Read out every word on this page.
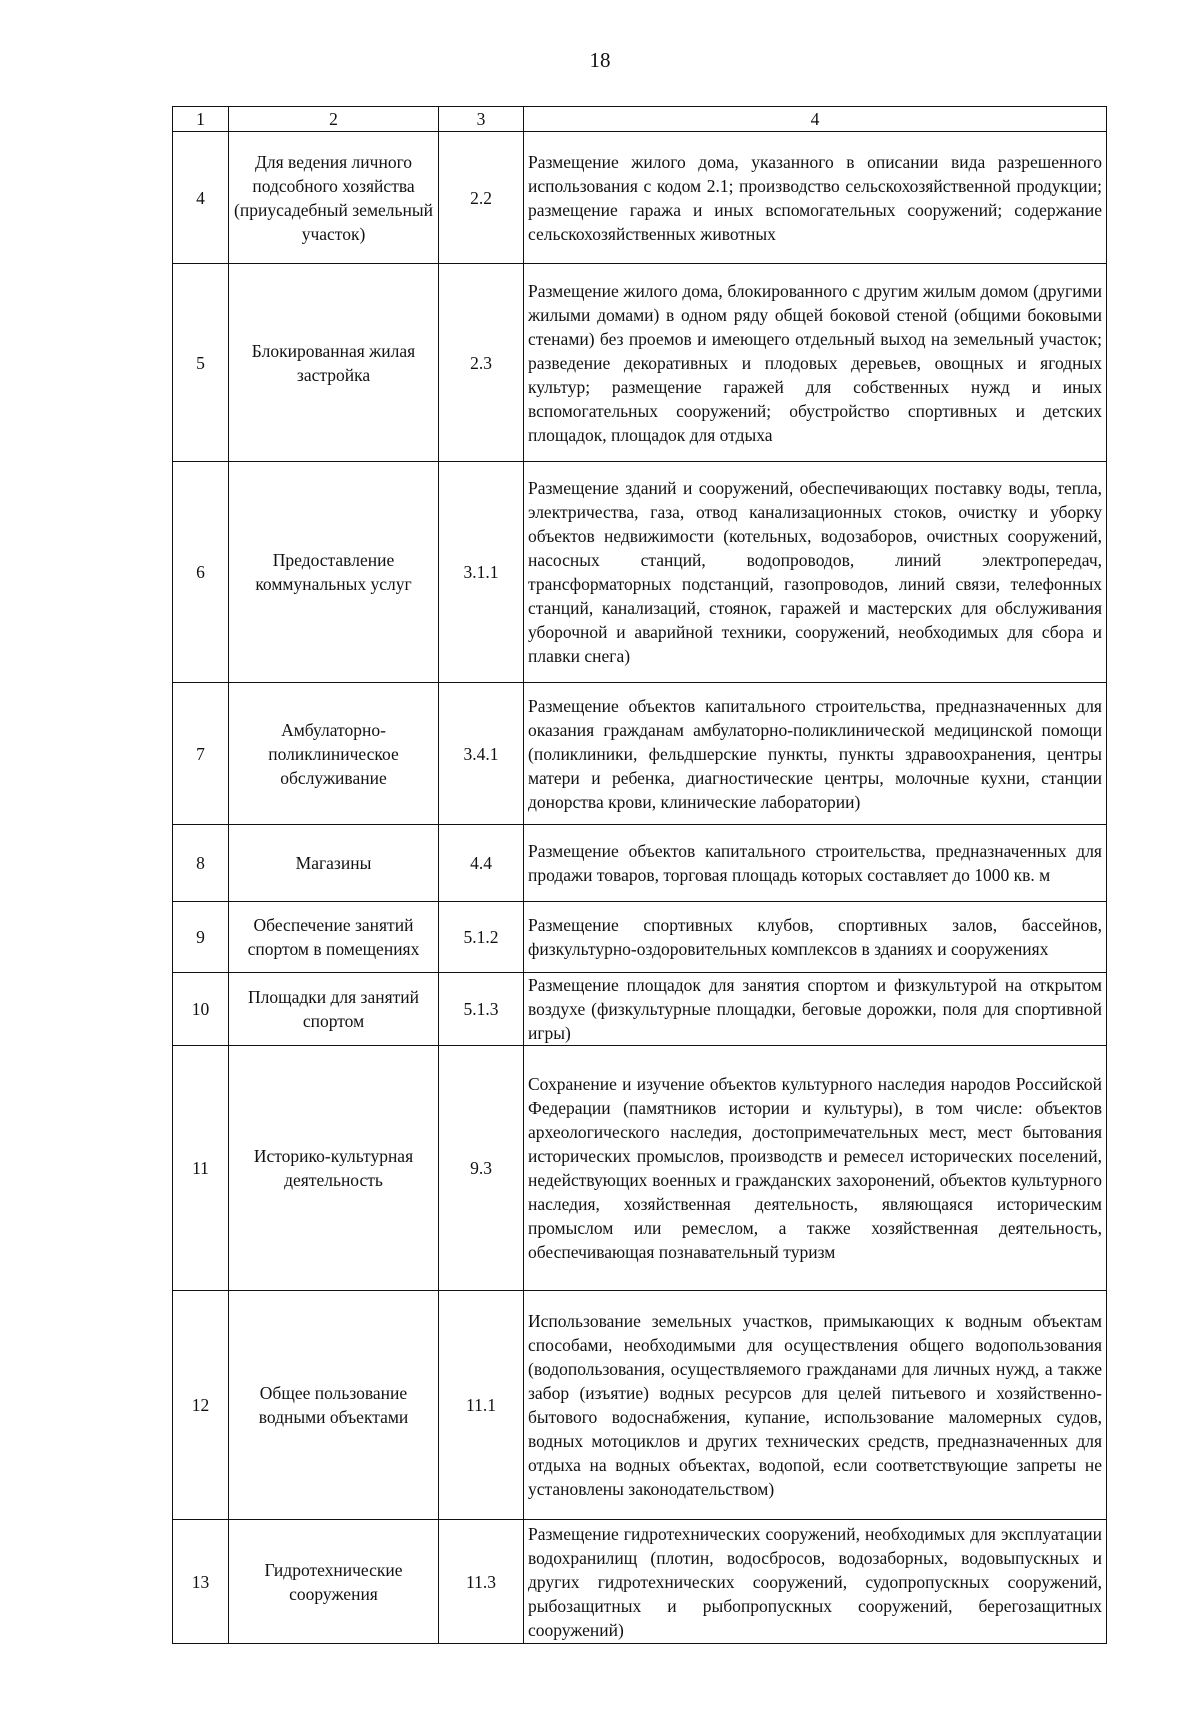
18
1	2	3	4
4	Для ведения личного подсобного хозяйства (приусадебный земельный участок)	2.2	Размещение жилого дома, указанного в описании вида разрешенного использования с кодом 2.1; производство сельскохозяйственной продукции; размещение гаража и иных вспомогательных сооружений; содержание сельскохозяйственных животных
5	Блокированная жилая застройка	2.3	Размещение жилого дома, блокированного с другим жилым домом (другими жилыми домами) в одном ряду общей боковой стеной (общими боковыми стенами) без проемов и имеющего отдельный выход на земельный участок; разведение декоративных и плодовых деревьев, овощных и ягодных культур; размещение гаражей для собственных нужд и иных вспомогательных сооружений; обустройство спортивных и детских площадок, площадок для отдыха
6	Предоставление коммунальных услуг	3.1.1	Размещение зданий и сооружений, обеспечивающих поставку воды, тепла, электричества, газа, отвод канализационных стоков, очистку и уборку объектов недвижимости (котельных, водозаборов, очистных сооружений, насосных станций, водопроводов, линий электропередач, трансформаторных подстанций, газопроводов, линий связи, телефонных станций, канализаций, стоянок, гаражей и мастерских для обслуживания уборочной и аварийной техники, сооружений, необходимых для сбора и плавки снега)
7	Амбулаторно-поликлиническое обслуживание	3.4.1	Размещение объектов капитального строительства, предназначенных для оказания гражданам амбулаторно-поликлинической медицинской помощи (поликлиники, фельдшерские пункты, пункты здравоохранения, центры матери и ребенка, диагностические центры, молочные кухни, станции донорства крови, клинические лаборатории)
8	Магазины	4.4	Размещение объектов капитального строительства, предназначенных для продажи товаров, торговая площадь которых составляет до 1000 кв. м
9	Обеспечение занятий спортом в помещениях	5.1.2	Размещение спортивных клубов, спортивных залов, бассейнов, физкультурно-оздоровительных комплексов в зданиях и сооружениях
10	Площадки для занятий спортом	5.1.3	Размещение площадок для занятия спортом и физкультурой на открытом воздухе (физкультурные площадки, беговые дорожки, поля для спортивной игры)
11	Историко-культурная деятельность	9.3	Сохранение и изучение объектов культурного наследия народов Российской Федерации (памятников истории и культуры), в том числе: объектов археологического наследия, достопримечательных мест, мест бытования исторических промыслов, производств и ремесел исторических поселений, недействующих военных и гражданских захоронений, объектов культурного наследия, хозяйственная деятельность, являющаяся историческим промыслом или ремеслом, а также хозяйственная деятельность, обеспечивающая познавательный туризм
12	Общее пользование водными объектами	11.1	Использование земельных участков, примыкающих к водным объектам способами, необходимыми для осуществления общего водопользования (водопользования, осуществляемого гражданами для личных нужд, а также забор (изъятие) водных ресурсов для целей питьевого и хозяйственно-бытового водоснабжения, купание, использование маломерных судов, водных мотоциклов и других технических средств, предназначенных для отдыха на водных объектах, водопой, если соответствующие запреты не установлены законодательством)
13	Гидротехнические сооружения	11.3	Размещение гидротехнических сооружений, необходимых для эксплуатации водохранилищ (плотин, водосбросов, водозаборных, водовыпускных и других гидротехнических сооружений, судопропускных сооружений, рыбозащитных и рыбопропускных сооружений, берегозащитных сооружений)
